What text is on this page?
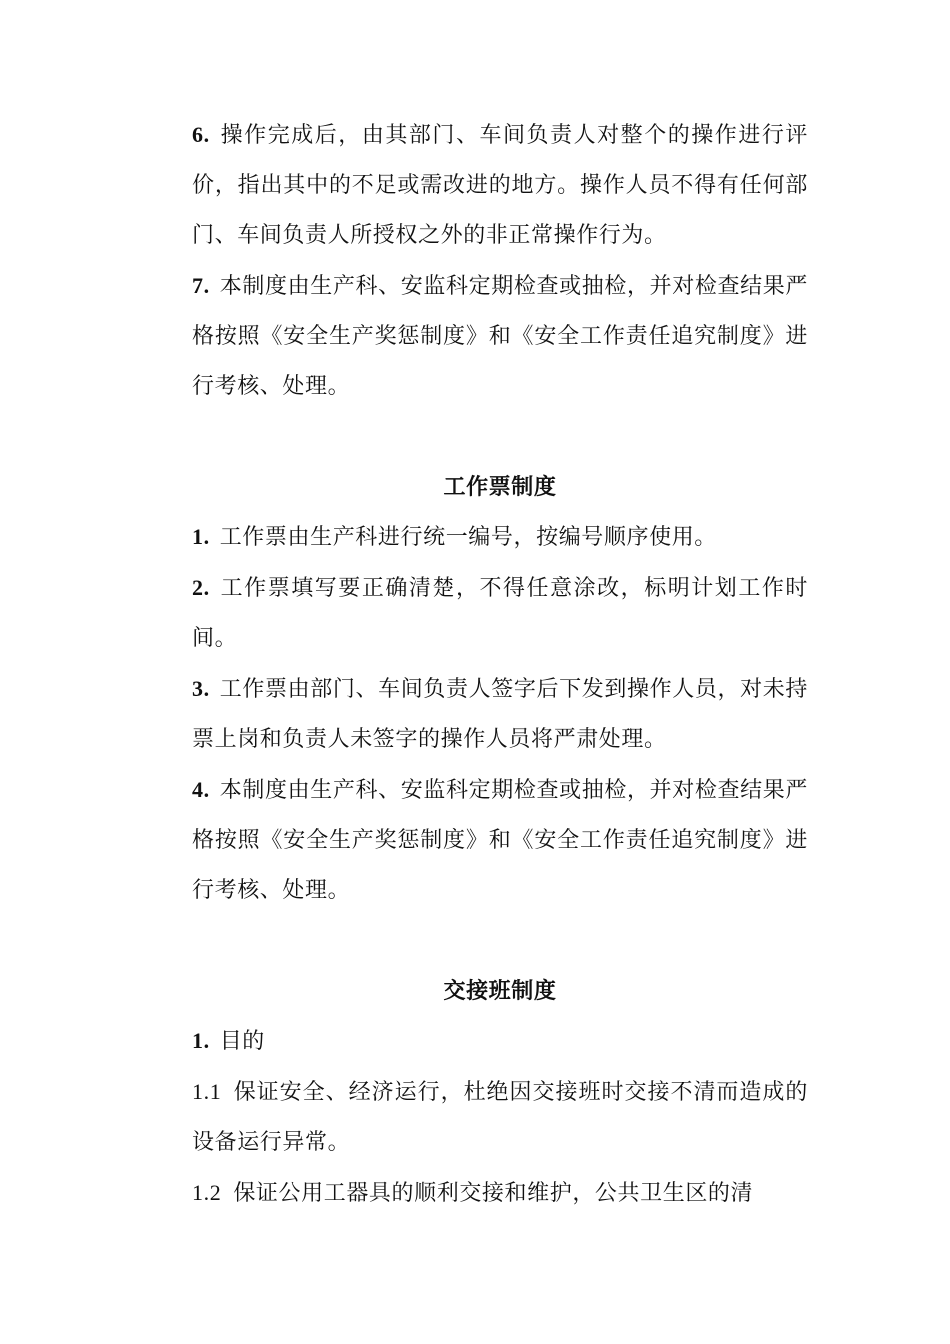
6. 操作完成后，由其部门、车间负责人对整个的操作进行评价，指出其中的不足或需改进的地方。操作人员不得有任何部门、车间负责人所授权之外的非正常操作行为。

7. 本制度由生产科、安监科定期检查或抽检，并对检查结果严格按照《安全生产奖惩制度》和《安全工作责任追究制度》进行考核、处理。

工作票制度

1. 工作票由生产科进行统一编号，按编号顺序使用。

2. 工作票填写要正确清楚，不得任意涂改，标明计划工作时间。

3. 工作票由部门、车间负责人签字后下发到操作人员，对未持票上岗和负责人未签字的操作人员将严肃处理。

4. 本制度由生产科、安监科定期检查或抽检，并对检查结果严格按照《安全生产奖惩制度》和《安全工作责任追究制度》进行考核、处理。

交接班制度

1. 目的

1.1 保证安全、经济运行，杜绝因交接班时交接不清而造成的设备运行异常。

1.2 保证公用工器具的顺利交接和维护，公共卫生区的清
